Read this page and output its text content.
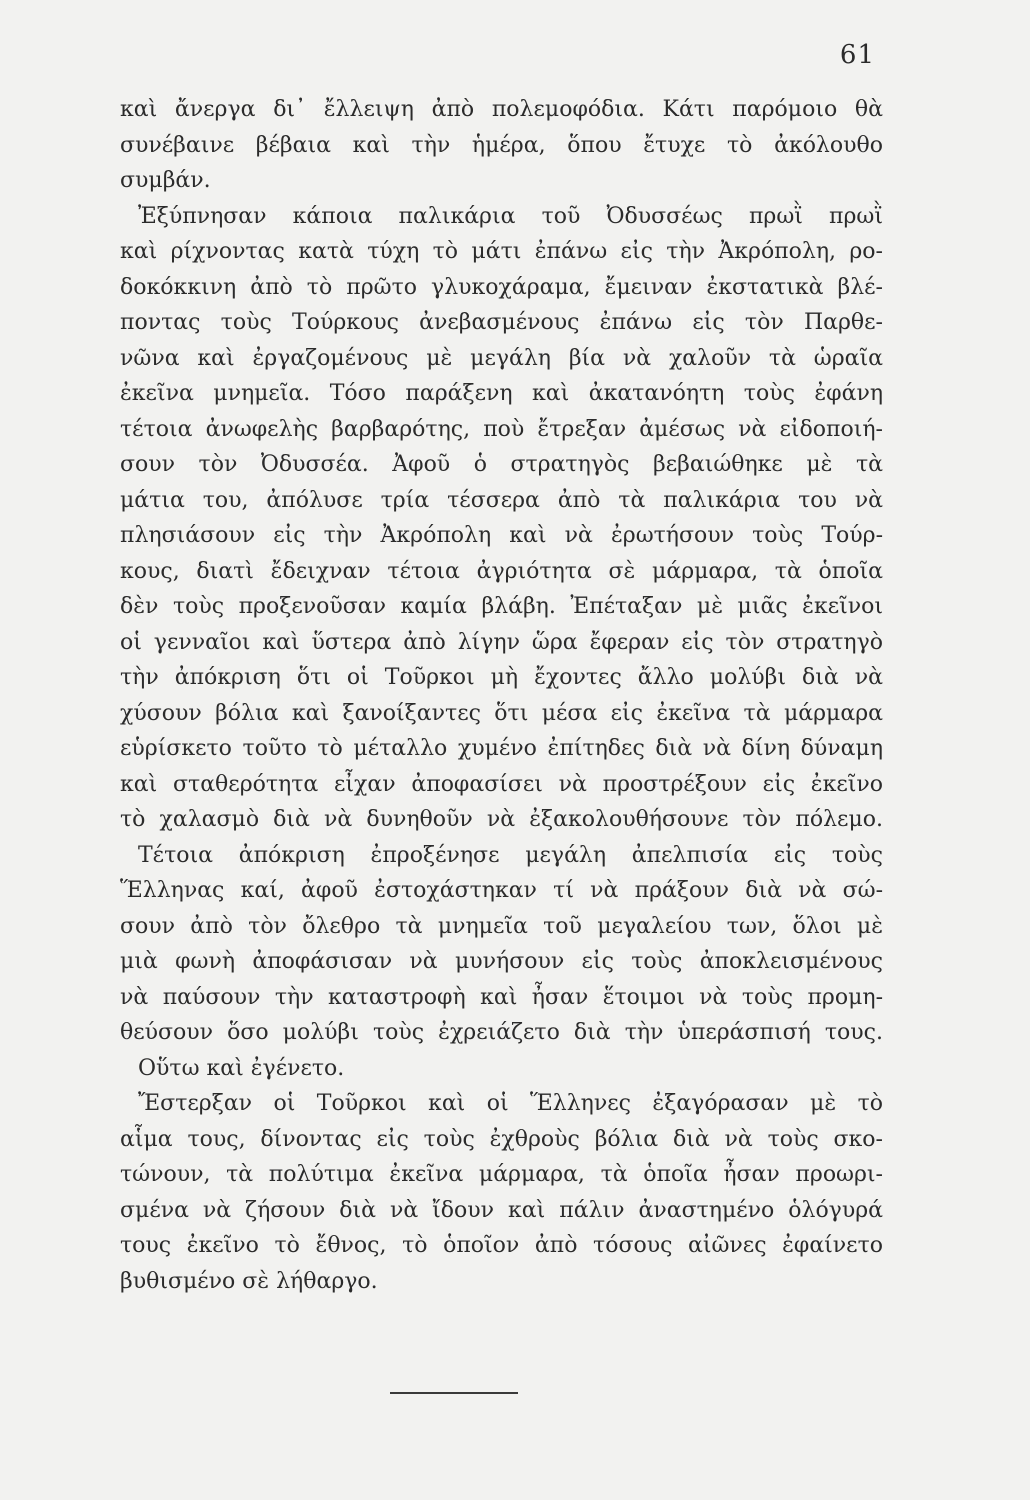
61
καὶ ἄνεργα δι᾽ ἔλλειψη ἀπὸ πολεμοφόδια. Κάτι παρόμοιο θὰ
συνέβαινε βέβαια καὶ τὴν ἡμέρα, ὅπου ἔτυχε τὸ ἀκόλουθο
συμβάν.
Ἐξύπνησαν κάποια παλικάρια τοῦ Ὀδυσσέως πρωῒ πρωῒ
καὶ ρίχνοντας κατὰ τύχη τὸ μάτι ἐπάνω εἰς τὴν Ἀκρόπολη, ρο-
δοκόκκινη ἀπὸ τὸ πρῶτο γλυκοχάραμα, ἔμειναν ἐκστατικὰ βλέ-
ποντας τοὺς Τούρκους ἀνεβασμένους ἐπάνω εἰς τὸν Παρθε-
νῶνα καὶ ἐργαζομένους μὲ μεγάλη βία νὰ χαλοῦν τὰ ὡραῖα
ἐκεῖνα μνημεῖα. Τόσο παράξενη καὶ ἀκατανόητη τοὺς ἐφάνη
τέτοια ἀνωφελὴς βαρβαρότης, ποὺ ἔτρεξαν ἀμέσως νὰ εἰδοποιή-
σουν τὸν Ὀδυσσέα. Ἀφοῦ ὁ στρατηγὸς βεβαιώθηκε μὲ τὰ
μάτια του, ἀπόλυσε τρία τέσσερα ἀπὸ τὰ παλικάρια του νὰ
πλησιάσουν εἰς τὴν Ἀκρόπολη καὶ νὰ ἐρωτήσουν τοὺς Τούρ-
κους, διατὶ ἔδειχναν τέτοια ἀγριότητα σὲ μάρμαρα, τὰ ὁποῖα
δὲν τοὺς προξενοῦσαν καμία βλάβη. Ἐπέταξαν μὲ μιᾶς ἐκεῖνοι
οἱ γενναῖοι καὶ ὕστερα ἀπὸ λίγην ὥρα ἔφεραν εἰς τὸν στρατηγὸ
τὴν ἀπόκριση ὅτι οἱ Τοῦρκοι μὴ ἔχοντες ἄλλο μολύβι διὰ νὰ
χύσουν βόλια καὶ ξανοίξαντες ὅτι μέσα εἰς ἐκεῖνα τὰ μάρμαρα
εὑρίσκετο τοῦτο τὸ μέταλλο χυμένο ἐπίτηδες διὰ νὰ δίνη δύναμη
καὶ σταθερότητα εἶχαν ἀποφασίσει νὰ προστρέξουν εἰς ἐκεῖνο
τὸ χαλασμὸ διὰ νὰ δυνηθοῦν νὰ ἐξακολουθήσουνε τὸν πόλεμο.
Τέτοια ἀπόκριση ἐπροξένησε μεγάλη ἀπελπισία εἰς τοὺς
Ἕλληνας καί, ἀφοῦ ἐστοχάστηκαν τί νὰ πράξουν διὰ νὰ σώ-
σουν ἀπὸ τὸν ὄλεθρο τὰ μνημεῖα τοῦ μεγαλείου των, ὅλοι μὲ
μιὰ φωνὴ ἀποφάσισαν νὰ μυνήσουν εἰς τοὺς ἀποκλεισμένους
νὰ παύσουν τὴν καταστροφὴ καὶ ἦσαν ἕτοιμοι νὰ τοὺς προμη-
θεύσουν ὅσο μολύβι τοὺς ἐχρειάζετο διὰ τὴν ὑπεράσπισή τους.
Οὕτω καὶ ἐγένετο.
Ἔστερξαν οἱ Τοῦρκοι καὶ οἱ Ἕλληνες ἐξαγόρασαν μὲ τὸ
αἷμα τους, δίνοντας εἰς τοὺς ἐχθροὺς βόλια διὰ νὰ τοὺς σκο-
τώνουν, τὰ πολύτιμα ἐκεῖνα μάρμαρα, τὰ ὁποῖα ἦσαν προωρι-
σμένα νὰ ζήσουν διὰ νὰ ἴδουν καὶ πάλιν ἀναστημένο ὁλόγυρά
τους ἐκεῖνο τὸ ἔθνος, τὸ ὁποῖον ἀπὸ τόσους αἰῶνες ἐφαίνετο
βυθισμένο σὲ λήθαργο.
